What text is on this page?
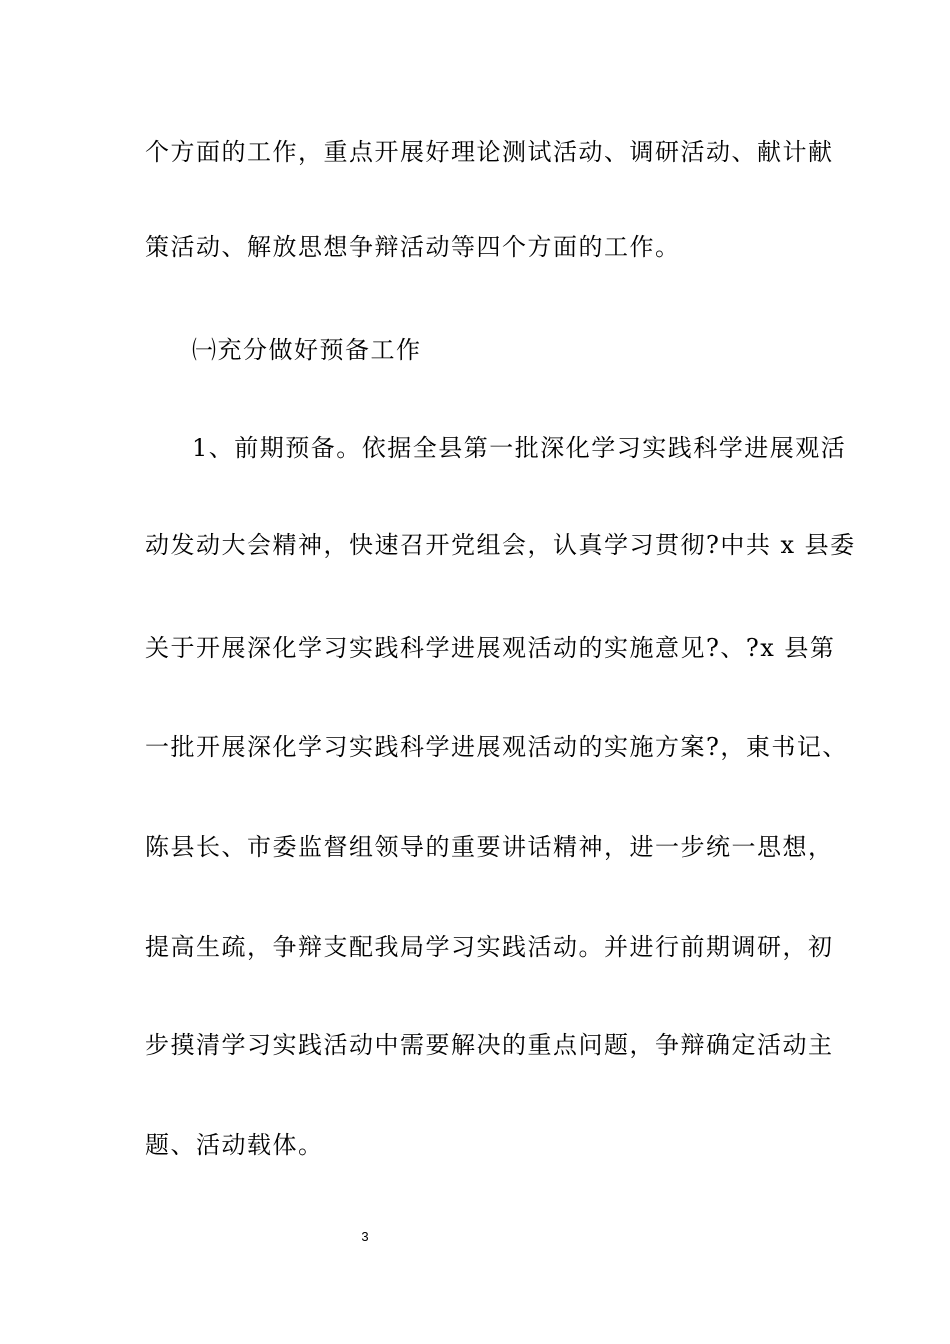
个方面的工作，重点开展好理论测试活动、调研活动、献计献
策活动、解放思想争辩活动等四个方面的工作。
㈠充分做好预备工作
1、前期预备。依据全县第一批深化学习实践科学进展观活
动发动大会精神，快速召开党组会，认真学习贯彻?中共 x 县委
关于开展深化学习实践科学进展观活动的实施意见?、?x 县第
一批开展深化学习实践科学进展观活动的实施方案?，東书记、
陈县长、市委监督组领导的重要讲话精神，进一步统一思想，
提高生疏，争辩支配我局学习实践活动。并进行前期调研，初
步摸清学习实践活动中需要解决的重点问题，争辩确定活动主
题、活动载体。
3
